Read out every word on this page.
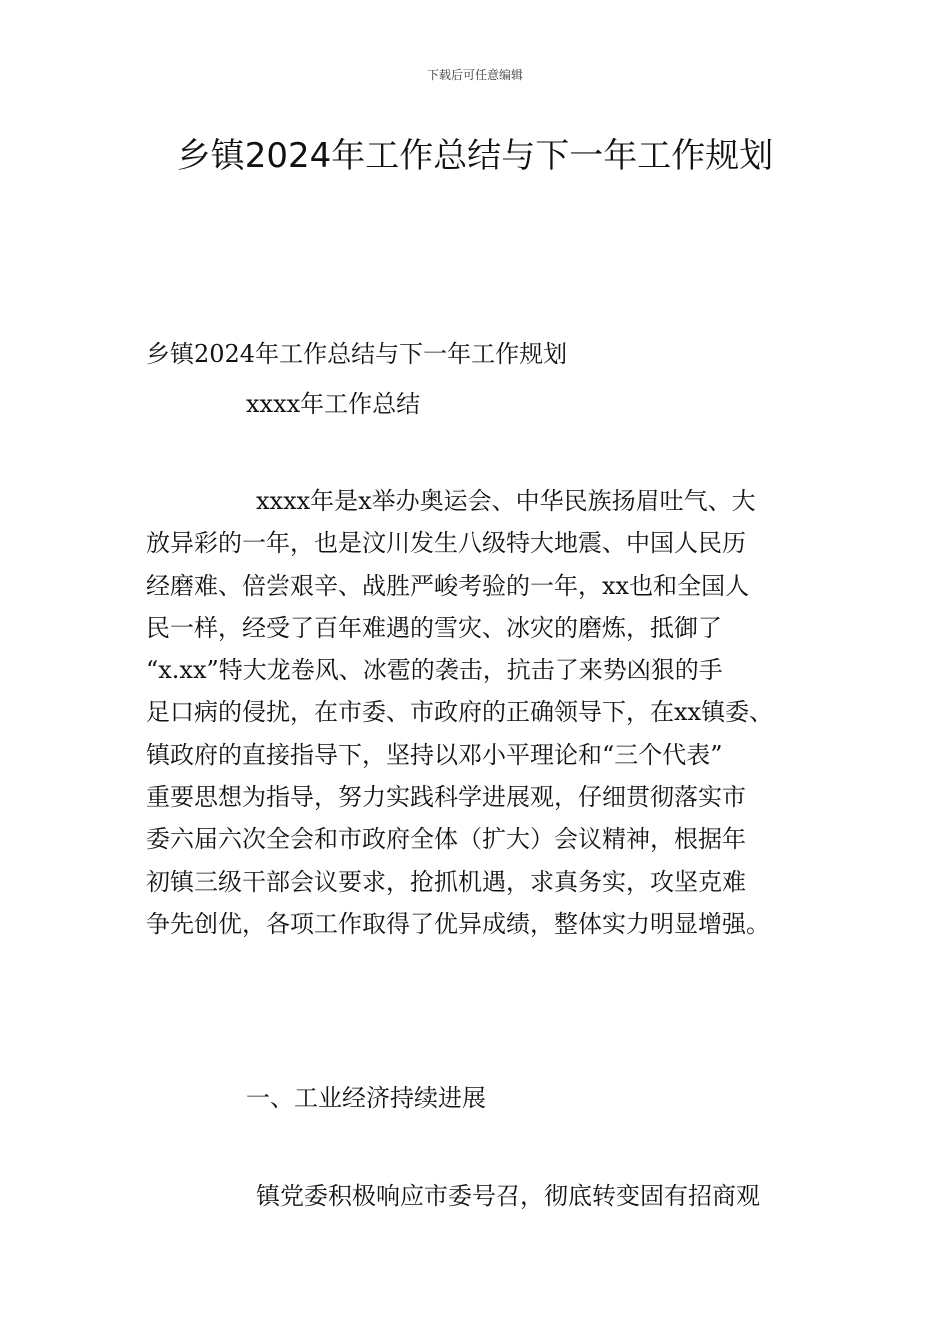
下载后可任意编辑
乡镇2024年工作总结与下一年工作规划
乡镇2024年工作总结与下一年工作规划
xxxx年工作总结
xxxx年是x举办奥运会、中华民族扬眉吐气、大
放异彩的一年，也是汶川发生八级特大地震、中国人民历
经磨难、倍尝艰辛、战胜严峻考验的一年，xx也和全国人
民一样，经受了百年难遇的雪灾、冰灾的磨炼，抵御了
“x.xx”特大龙卷风、冰雹的袭击，抗击了来势凶狠的手
足口病的侵扰，在市委、市政府的正确领导下，在xx镇委、
镇政府的直接指导下，坚持以邓小平理论和“三个代表”
重要思想为指导，努力实践科学进展观，仔细贯彻落实市
委六届六次全会和市政府全体（扩大）会议精神，根据年
初镇三级干部会议要求，抢抓机遇，求真务实，攻坚克难
争先创优，各项工作取得了优异成绩，整体实力明显增强。
一、工业经济持续进展
镇党委积极响应市委号召，彻底转变固有招商观
